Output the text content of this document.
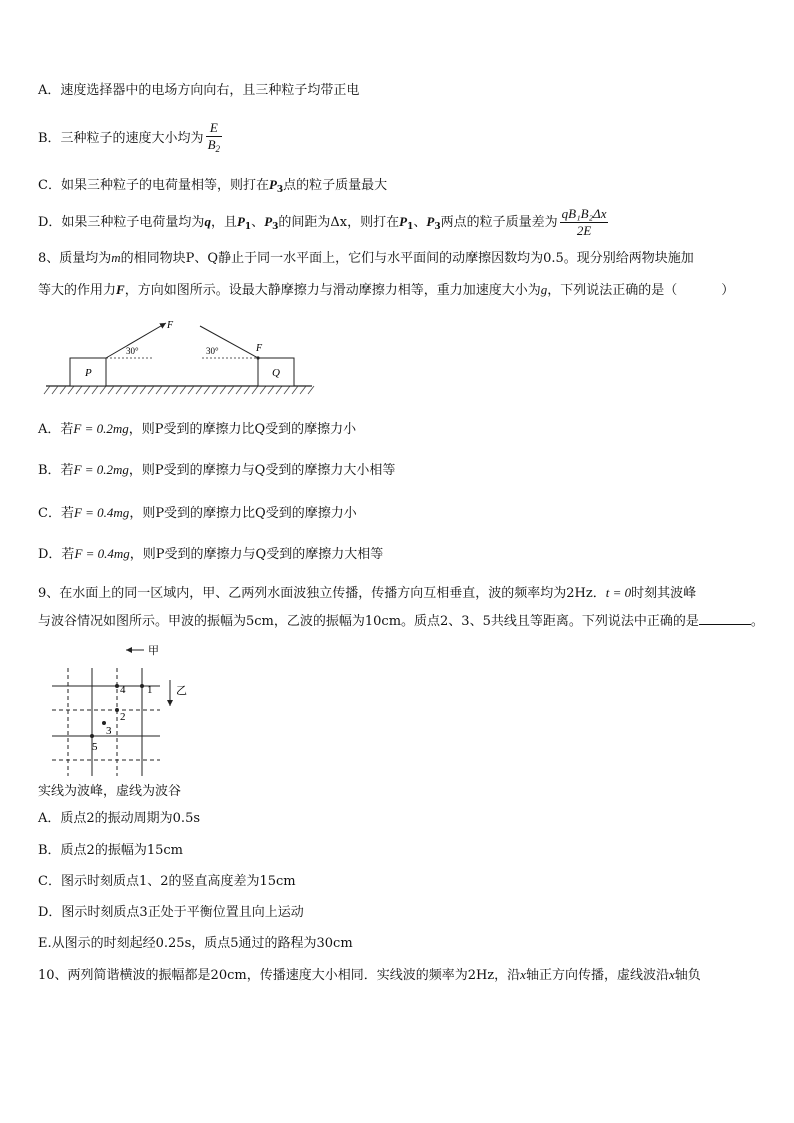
A．速度选择器中的电场方向向右，且三种粒子均带正电
B．三种粒子的速度大小均为 $\frac{E}{B_2}$
C．如果三种粒子的电荷量相等，则打在$P_3$点的粒子质量最大
D．如果三种粒子电荷量均为q，且$P_1$、$P_3$的间距为Δx，则打在$P_1$、$P_3$两点的粒子质量差为 $\frac{\text{qB₁B₂Δx}}{2E}$
8、质量均为m的相同物块P、Q静止于同一水平面上，它们与水平面间的动摩擦因数均为0.5。现分别给两物块施加
等大的作用力F，方向如图所示。设最大静摩擦力与滑动摩擦力相等，重力加速度大小为g，下列说法正确的是（	）
P
F
30°
Q
F
30°
A．若F = 0.2mg，则P受到的摩擦力比Q受到的摩擦力小
B．若F = 0.2mg，则P受到的摩擦力与Q受到的摩擦力大小相等
C．若F = 0.4mg，则P受到的摩擦力比Q受到的摩擦力小
D．若F = 0.4mg，则P受到的摩擦力与Q受到的摩擦力大相等
9、在水面上的同一区域内，甲、乙两列水面波独立传播，传播方向互相垂直，波的频率均为2Hz．t = 0时刻其波峰
与波谷情况如图所示。甲波的振幅为5cm，乙波的振幅为10cm。质点2、3、5共线且等距离。下列说法中正确的是	。
甲
乙
1
4
2
3
5
实线为波峰，虚线为波谷
A．质点2的振动周期为0.5s
B．质点2的振幅为15cm
C．图示时刻质点1、2的竖直高度差为15cm
D．图示时刻质点3正处于平衡位置且向上运动
E.从图示的时刻起经0.25s，质点5通过的路程为30cm
10、两列简谐横波的振幅都是20cm，传播速度大小相同．实线波的频率为2Hz，沿x轴正方向传播，虚线波沿x轴负
